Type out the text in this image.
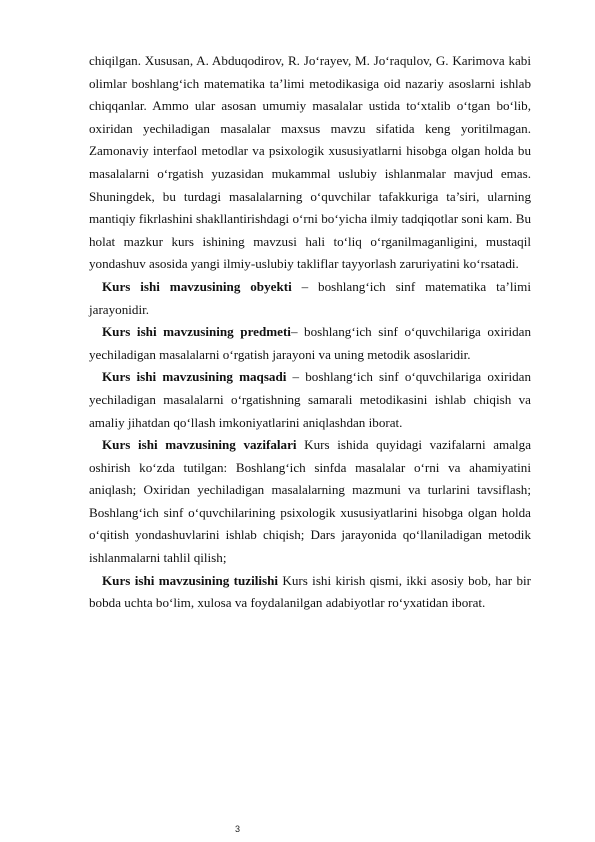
chiqilgan. Xususan, A. Abduqodirov, R. Jo‘rayev, M. Jo‘raqulov, G. Karimova kabi olimlar boshlang‘ich matematika ta’limi metodikasiga oid nazariy asoslarni ishlab chiqqanlar. Ammo ular asosan umumiy masalalar ustida to‘xtalib o‘tgan bo‘lib, oxiridan yechiladigan masalalar maxsus mavzu sifatida keng yoritilmagan. Zamonaviy interfaol metodlar va psixologik xususiyatlarni hisobga olgan holda bu masalalarni o‘rgatish yuzasidan mukammal uslubiy ishlanmalar mavjud emas. Shuningdek, bu turdagi masalalarning o‘quvchilar tafakkuriga ta’siri, ularning mantiqiy fikrlashini shakllantirishdagi o‘rni bo‘yicha ilmiy tadqiqotlar soni kam. Bu holat mazkur kurs ishining mavzusi hali to‘liq o‘rganilmaganligini, mustaqil yondashuv asosida yangi ilmiy-uslubiy takliflar tayyorlash zaruriyatini ko‘rsatadi.

Kurs ishi mavzusining obyekti – boshlang‘ich sinf matematika ta’limi jarayonidir.

Kurs ishi mavzusining predmeti– boshlang‘ich sinf o‘quvchilariga oxiridan yechiladigan masalalarni o‘rgatish jarayoni va uning metodik asoslaridir.

Kurs ishi mavzusining maqsadi – boshlang‘ich sinf o‘quvchilariga oxiridan yechiladigan masalalarni o‘rgatishning samarali metodikasini ishlab chiqish va amaliy jihatdan qo‘llash imkoniyatlarini aniqlashdan iborat.

Kurs ishi mavzusining vazifalari Kurs ishida quyidagi vazifalarni amalga oshirish ko‘zda tutilgan: Boshlang‘ich sinfda masalalar o‘rni va ahamiyatini aniqlash; Oxiridan yechiladigan masalalarning mazmuni va turlarini tavsiflash; Boshlang‘ich sinf o‘quvchilarining psixologik xususiyatlarini hisobga olgan holda o‘qitish yondashuvlarini ishlab chiqish; Dars jarayonida qo‘llaniladigan metodik ishlanmalarni tahlil qilish;

Kurs ishi mavzusining tuzilishi Kurs ishi kirish qismi, ikki asosiy bob, har bir bobda uchta bo‘lim, xulosa va foydalanilgan adabiyotlar ro‘yxatidan iborat.

3
